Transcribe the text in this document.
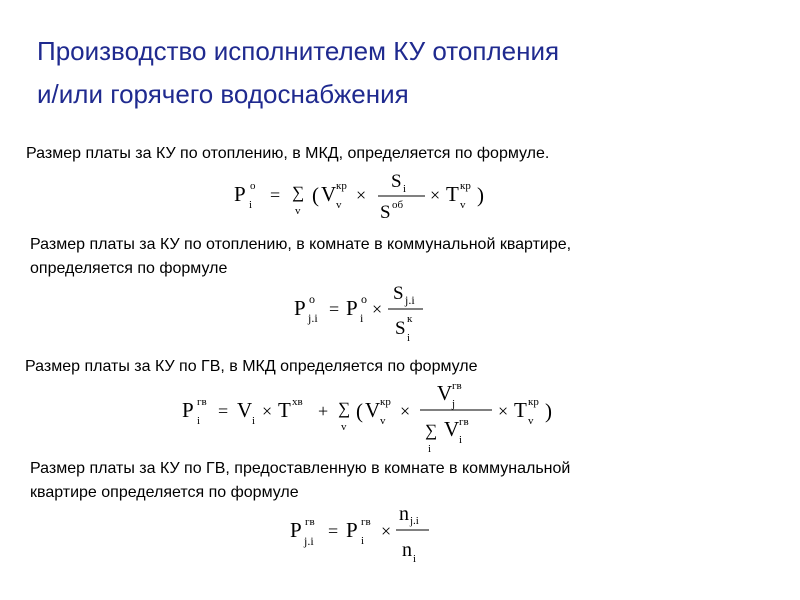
Производство исполнителем КУ отопления
и/или горячего водоснабжения
Размер платы за КУ по отоплению, в МКД, определяется по формуле.
P о
i = ∑
v
( V кр
v ×
S i
S об × T кр
v )
Размер платы за КУ по отоплению, в комнате в коммунальной квартире,
определяется по формуле
P о
j.i = P о
i ×
S j.i
S к
i
Размер платы за КУ по ГВ, в МКД определяется по формуле
P гв
i = V i × T хв + ∑
v
( V кр
v ×
V гв
j
∑
i
V гв
i
× T кр
v )
Размер платы за КУ по ГВ, предоставленную в комнате в коммунальной
квартире определяется по формуле
P гв
j.i = P гв
i ×
n j.i
n i
